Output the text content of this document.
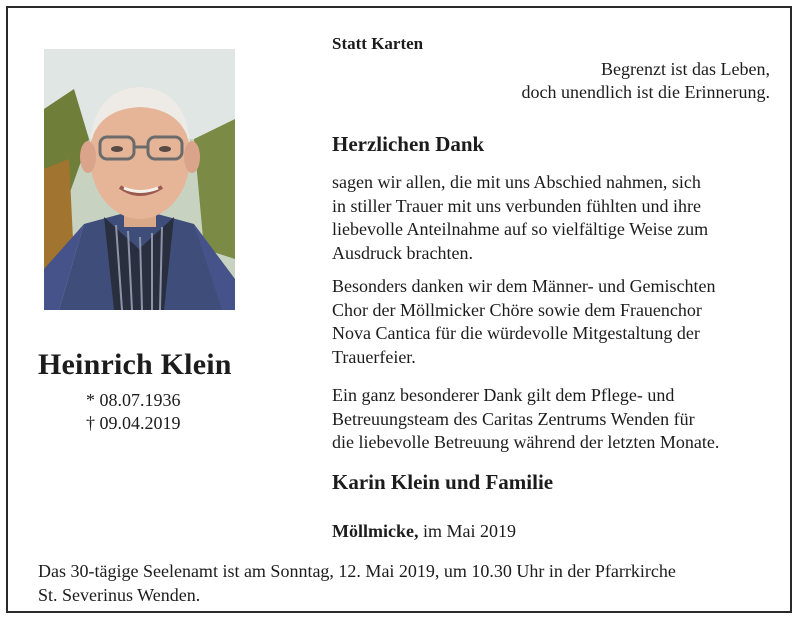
Heinrich Klein
* 08.07.1936
† 09.04.2019
Statt Karten
Begrenzt ist das Leben,
doch unendlich ist die Erinnerung.
Herzlichen Dank
sagen wir allen, die mit uns Abschied nahmen, sich
in stiller Trauer mit uns verbunden fühlten und ihre
liebevolle Anteilnahme auf so vielfältige Weise zum
Ausdruck brachten.
Besonders danken wir dem Männer- und Gemischten
Chor der Möllmicker Chöre sowie dem Frauenchor
Nova Cantica für die würdevolle Mitgestaltung der
Trauerfeier.
Ein ganz besonderer Dank gilt dem Pflege- und
Betreuungsteam des Caritas Zentrums Wenden für
die liebevolle Betreuung während der letzten Monate.
Karin Klein und Familie
Möllmicke, im Mai 2019
Das 30-tägige Seelenamt ist am Sonntag, 12. Mai 2019, um 10.30 Uhr in der Pfarrkirche
St. Severinus Wenden.
